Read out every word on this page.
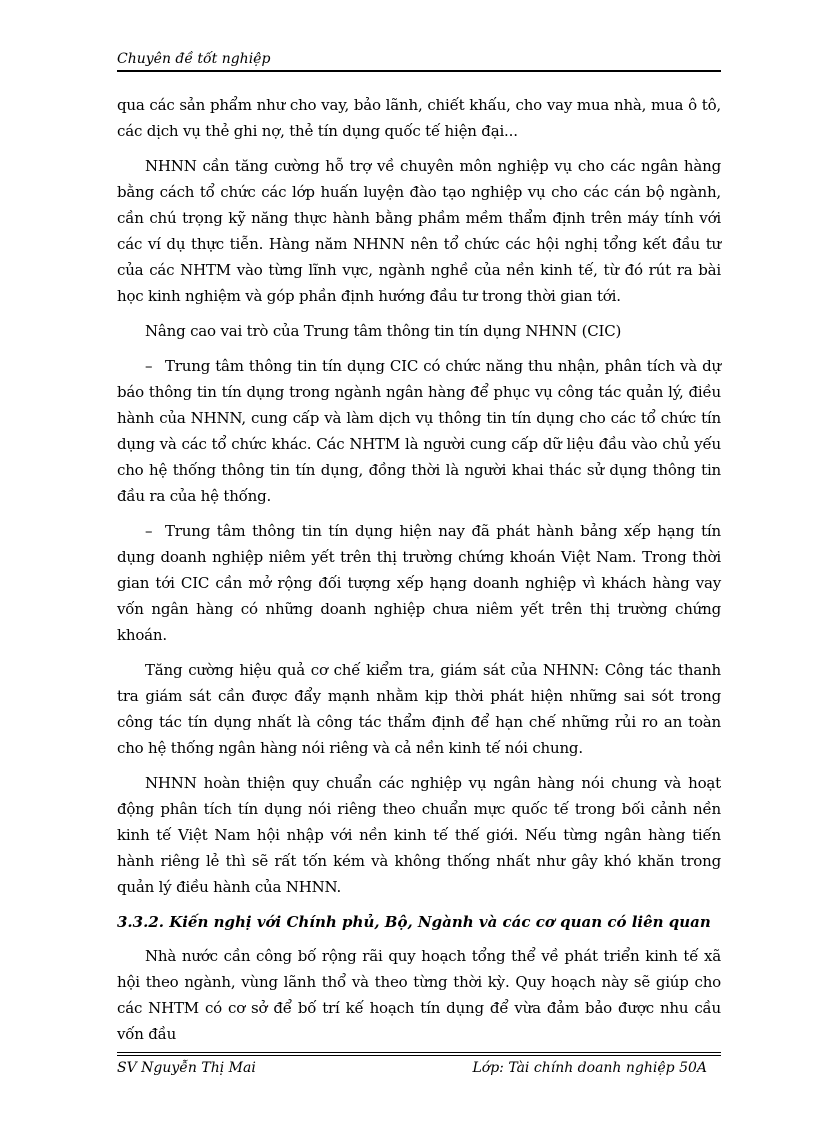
Chuyên đề tốt nghiệp

qua các sản phẩm như cho vay, bảo lãnh, chiết khấu, cho vay mua nhà, mua ô tô, các dịch vụ thẻ ghi nợ, thẻ tín dụng quốc tế hiện đại...

NHNN cần tăng cường hỗ trợ về chuyên môn nghiệp vụ cho các ngân hàng bằng cách tổ chức các lớp huấn luyện đào tạo nghiệp vụ cho các cán bộ ngành, cần chú trọng kỹ năng thực hành bằng phầm mềm thẩm định trên máy tính với các ví dụ thực tiễn. Hàng năm NHNN nên tổ chức các hội nghị tổng kết đầu tư của các NHTM vào từng lĩnh vực, ngành nghề của nền kinh tế, từ đó rút ra bài học kinh nghiệm và góp phần định hướng đầu tư trong thời gian tới.

Nâng cao vai trò của Trung tâm thông tin tín dụng NHNN (CIC)

– Trung tâm thông tin tín dụng CIC có chức năng thu nhận, phân tích và dự báo thông tin tín dụng trong ngành ngân hàng để phục vụ công tác quản lý, điều hành của NHNN, cung cấp và làm dịch vụ thông tin tín dụng cho các tổ chức tín dụng và các tổ chức khác. Các NHTM là người cung cấp dữ liệu đầu vào chủ yếu cho hệ thống thông tin tín dụng, đồng thời là người khai thác sử dụng thông tin đầu ra của hệ thống.

– Trung tâm thông tin tín dụng hiện nay đã phát hành bảng xếp hạng tín dụng doanh nghiệp niêm yết trên thị trường chứng khoán Việt Nam. Trong thời gian tới CIC cần mở rộng đối tượng xếp hạng doanh nghiệp vì khách hàng vay vốn ngân hàng có những doanh nghiệp chưa niêm yết trên thị trường chứng khoán.

Tăng cường hiệu quả cơ chế kiểm tra, giám sát của NHNN: Công tác thanh tra giám sát cần được đẩy mạnh nhằm kịp thời phát hiện những sai sót trong công tác tín dụng nhất là công tác thẩm định để hạn chế những rủi ro an toàn cho hệ thống ngân hàng nói riêng và cả nền kinh tế nói chung.

NHNN hoàn thiện quy chuẩn các nghiệp vụ ngân hàng nói chung và hoạt động phân tích tín dụng nói riêng theo chuẩn mực quốc tế trong bối cảnh nền kinh tế Việt Nam hội nhập với nền kinh tế thế giới. Nếu từng ngân hàng tiến hành riêng lẻ thì sẽ rất tốn kém và không thống nhất như gây khó khăn trong quản lý điều hành của NHNN.

3.3.2. Kiến nghị với Chính phủ, Bộ, Ngành và các cơ quan có liên quan

Nhà nước cần công bố rộng rãi quy hoạch tổng thể về phát triển kinh tế xã hội theo ngành, vùng lãnh thổ và theo từng thời kỳ. Quy hoạch này sẽ giúp cho các NHTM có cơ sở để bố trí kế hoạch tín dụng để vừa đảm bảo được nhu cầu vốn đầu

SV Nguyễn Thị Mai	Lớp: Tài chính doanh nghiệp 50A
